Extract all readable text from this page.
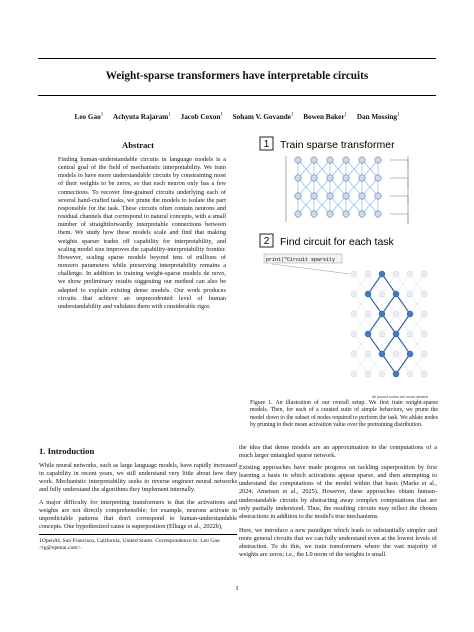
Weight-sparse transformers have interpretable circuits
Leo Gao$^1$ Achyuta Rajaram$^1$ Jacob Coxon$^1$ Soham V. Govande$^1$ Bowen Baker$^1$ Dan Mossing$^1$
Abstract
Finding human-understandable circuits in language models is a central goal of the field of mechanistic interpretability. We train models to have more understandable circuits by constraining most of their weights to be zeros, so that each neuron only has a few connections. To recover fine-grained circuits underlying each of several hand-crafted tasks, we prune the models to isolate the part responsible for the task. These circuits often contain neurons and residual channels that correspond to natural concepts, with a small number of straightforwardly interpretable connections between them. We study how these models scale and find that making weights sparser trades off capability for interpretability, and scaling model size improves the capability-interpretability frontier. However, scaling sparse models beyond tens of millions of nonzero parameters while preserving interpretability remains a challenge. In addition to training weight-sparse models de novo, we show preliminary results suggesting our method can also be adapted to explain existing dense models. Our work produces circuits that achieve an unprecedented level of human understandability and validates them with considerable rigor.
1 Train sparse transformer
2 Find circuit for each task
print("Circuit sparsity
All pruned nodes are mean-ablated
Figure 1. An illustration of our overall setup. We first train weight-sparse models. Then, for each of a curated suite of simple behaviors, we prune the model down to the subset of nodes required to perform the task. We ablate nodes by pruning to their mean activation value over the pretraining distribution.
1. Introduction
While neural networks, such as large language models, have rapidly increased in capability in recent years, we still understand very little about how they work. Mechanistic interpretability seeks to reverse engineer neural networks and fully understand the algorithms they implement internally.
A major difficulty for interpreting transformers is that the activations and weights are not directly comprehensible; for example, neurons activate in unpredictable patterns that don't correspond to human-understandable concepts. One hypothesized cause is superposition (Elhage et al., 2022b),
the idea that dense models are an approximation to the computations of a much larger untangled sparse network.
Existing approaches have made progress on tackling superposition by first learning a basis in which activations appear sparse, and then attempting to understand the computations of the model within that basis (Marks et al., 2024; Ameisen et al., 2025). However, these approaches obtain human-understandable circuits by abstracting away complex computations that are only partially understood. Thus, the resulting circuits may reflect the chosen abstractions in addition to the model's true mechanisms.
Here, we introduce a new paradigm which leads to substantially simpler and more general circuits that we can fully understand even at the lowest levels of abstraction. To do this, we train transformers where the vast majority of weights are zeros; i.e., the L0 norm of the weights is small.
1OpenAI, San Francisco, California, United States. Correspondence to: Leo Gao <lg@openai.com>.
1
